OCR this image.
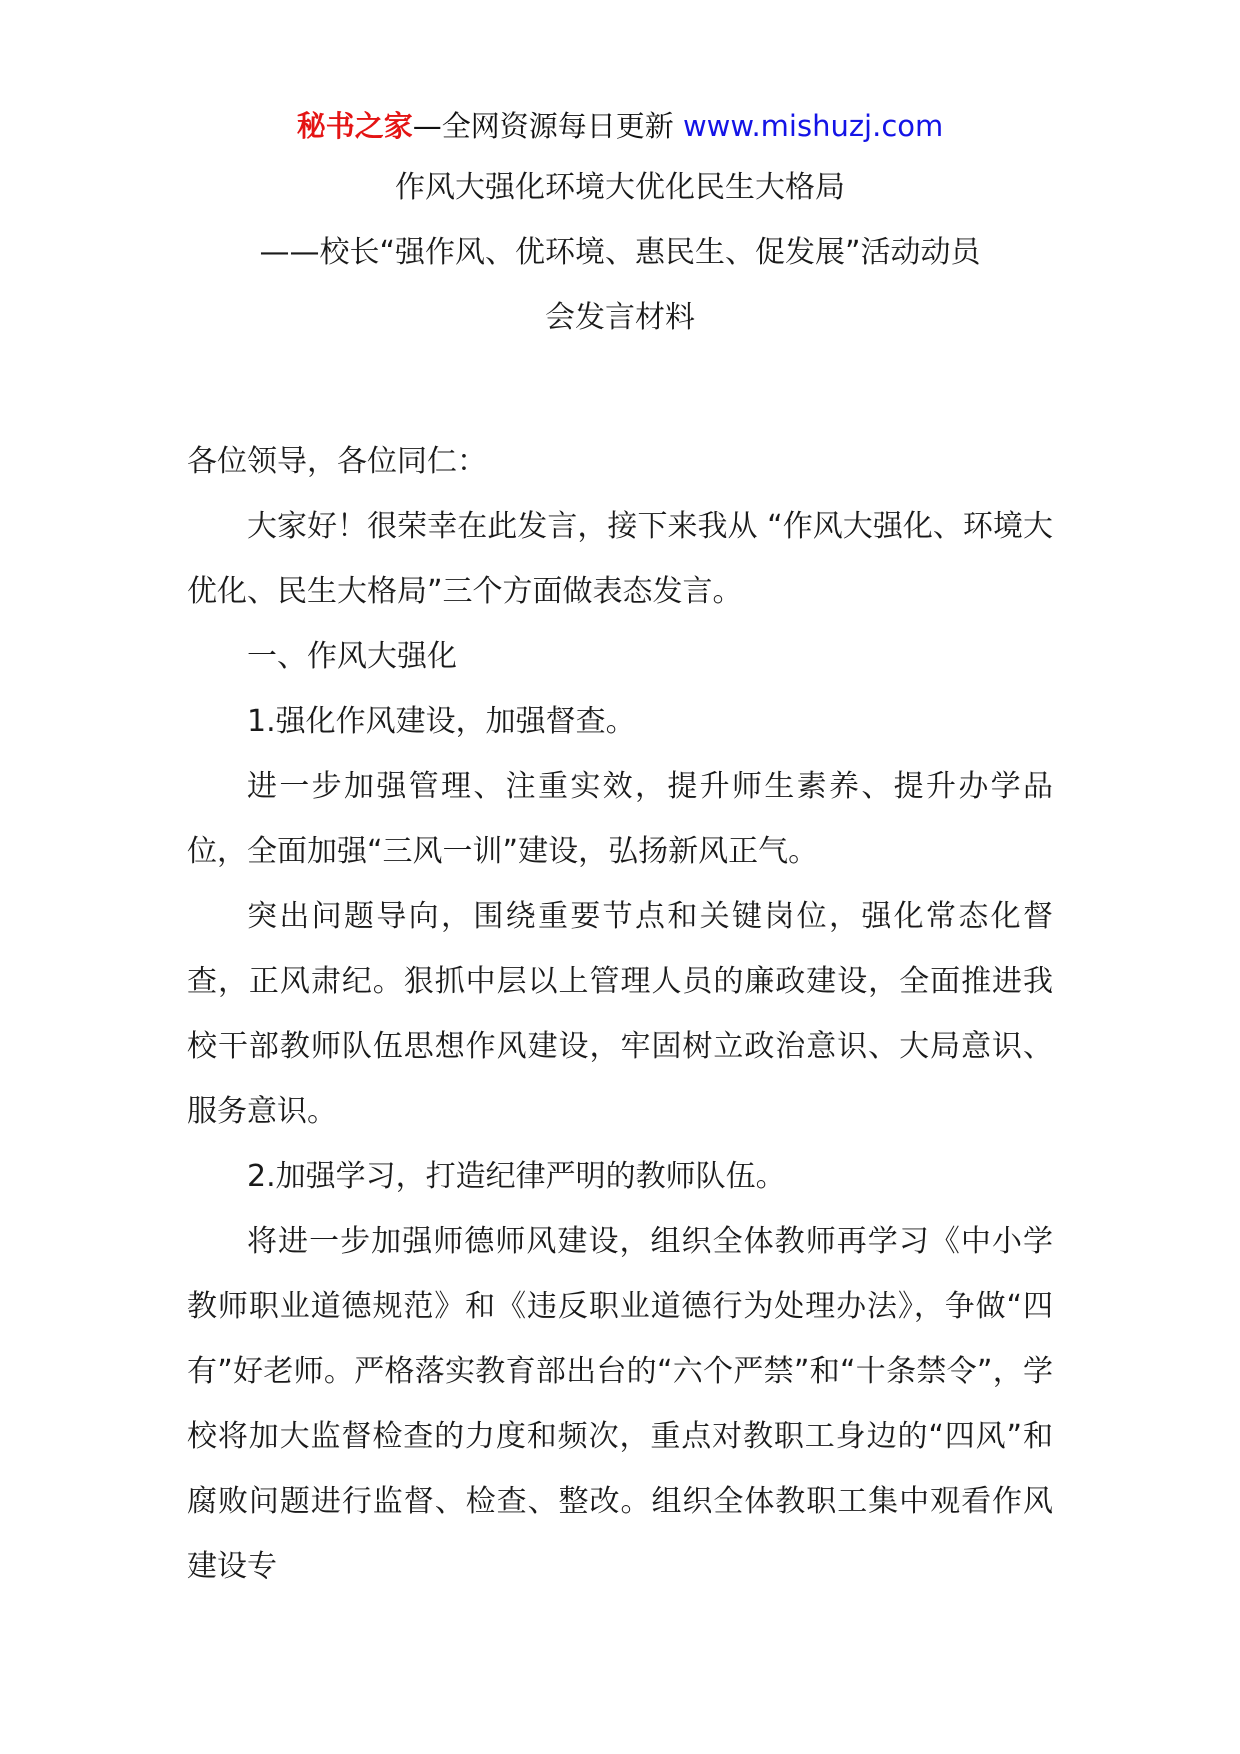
秘书之家—全网资源每日更新 www.mishuzj.com
作风大强化环境大优化民生大格局
——校长“强作风、优环境、惠民生、促发展”活动动员
会发言材料

各位领导，各位同仁：

大家好！很荣幸在此发言，接下来我从 “作风大强化、环境大优化、民生大格局”三个方面做表态发言。

一、作风大强化

1.强化作风建设，加强督查。

进一步加强管理、注重实效，提升师生素养、提升办学品位，全面加强“三风一训”建设，弘扬新风正气。

突出问题导向，围绕重要节点和关键岗位，强化常态化督查，正风肃纪。狠抓中层以上管理人员的廉政建设，全面推进我校干部教师队伍思想作风建设，牢固树立政治意识、大局意识、服务意识。

2.加强学习，打造纪律严明的教师队伍。

将进一步加强师德师风建设，组织全体教师再学习《中小学教师职业道德规范》和《违反职业道德行为处理办法》，争做“四有”好老师。严格落实教育部出台的“六个严禁”和“十条禁令”，学校将加大监督检查的力度和频次，重点对教职工身边的“四风”和腐败问题进行监督、检查、整改。组织全体教职工集中观看作风建设专
